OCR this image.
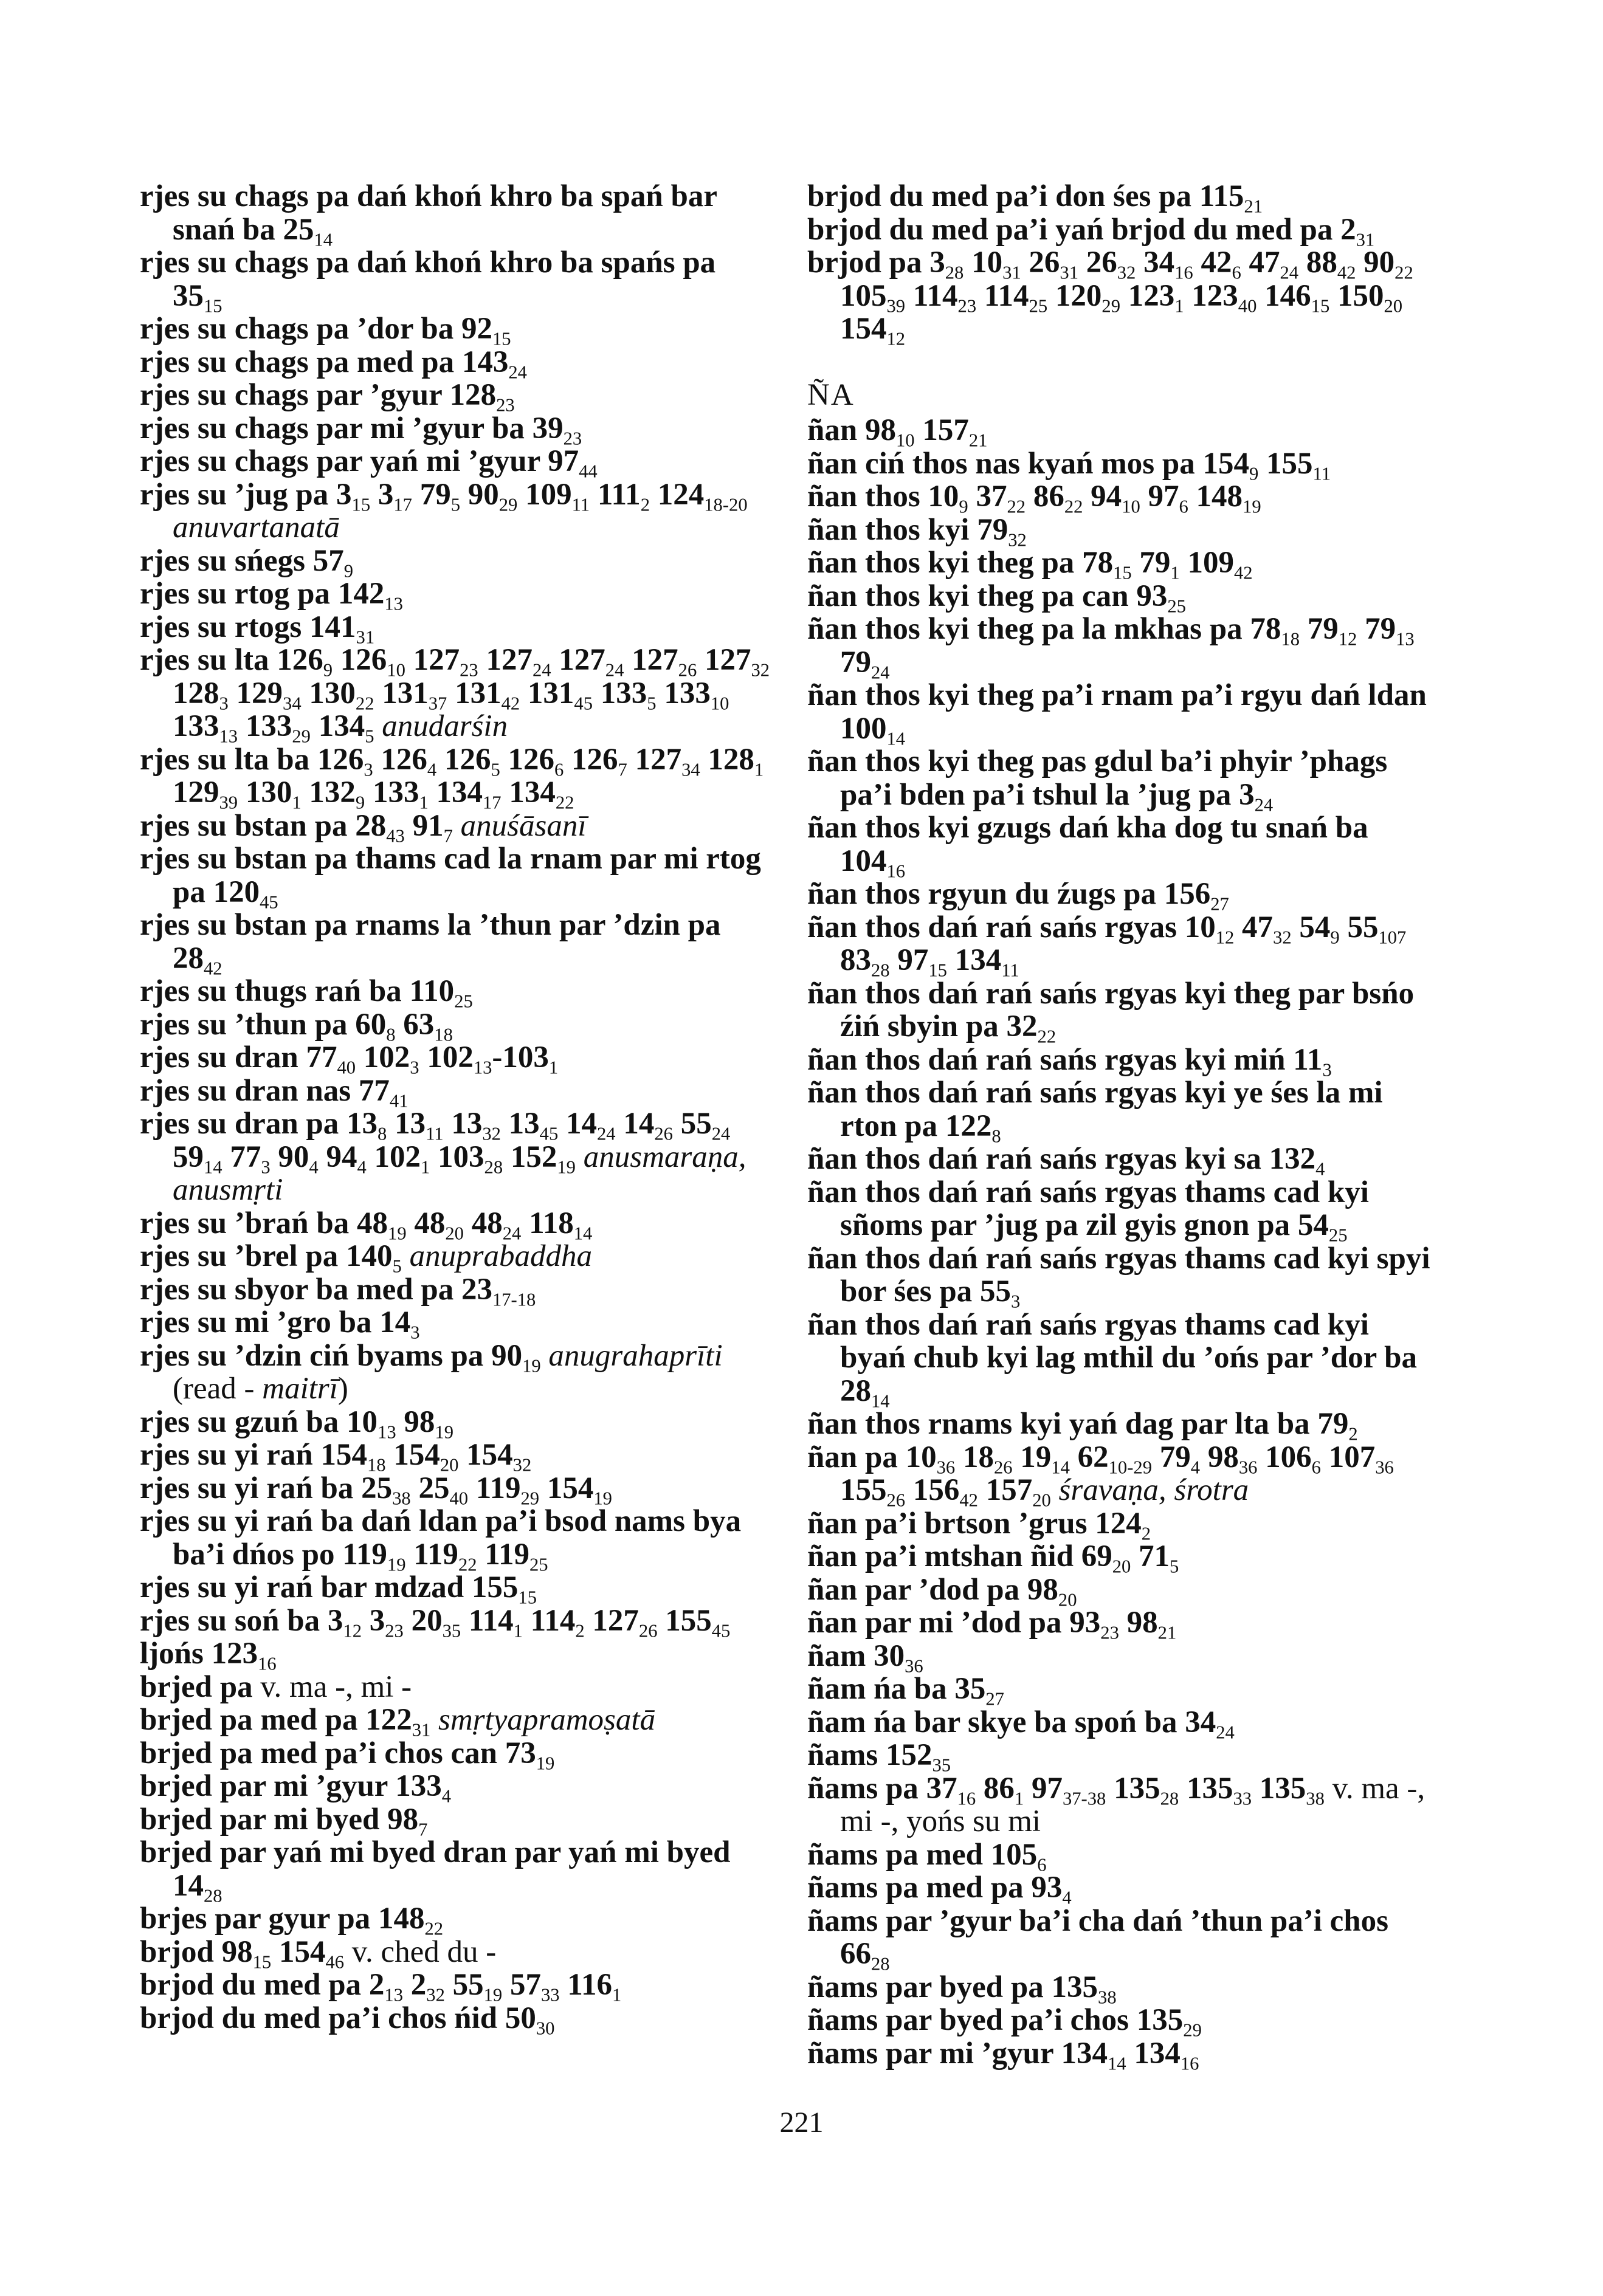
rjes su chags pa dań khoń khro ba spań bar snań ba $25_{14}$

rjes su chags pa dań khoń khro ba spańs pa $35_{15}$

rjes su chags pa ’dor ba $92_{15}$

rjes su chags pa med pa $143_{24}$

rjes su chags par ’gyur $128_{23}$

rjes su chags par mi ’gyur ba $39_{23}$

rjes su chags par yań mi ’gyur $97_{44}$

rjes su ’jug pa $3_{15}$ $3_{17}$ $79_5$ $90_{29}$ $109_{11}$ $111_2$ $124_{18-20}$ anuvartanatā

rjes su sńegs $57_9$

rjes su rtog pa $142_{13}$

rjes su rtogs $141_{31}$

rjes su lta $126_9$ $126_{10}$ $127_{23}$ $127_{24}$ $127_{24}$ $127_{26}$ $127_{32}$ $128_3$ $129_{34}$ $130_{22}$ $131_{37}$ $131_{42}$ $131_{45}$ $133_5$ $133_{10}$ $133_{13}$ $133_{29}$ $134_5$ anudarśin

rjes su lta ba $126_3$ $126_4$ $126_5$ $126_6$ $126_7$ $127_{34}$ $128_1$ $129_{39}$ $130_1$ $132_9$ $133_1$ $134_{17}$ $134_{22}$

rjes su bstan pa $28_{43}$ $91_7$ anuśāsanī

rjes su bstan pa thams cad la rnam par mi rtog pa $120_{45}$

rjes su bstan pa rnams la ’thun par ’dzin pa $28_{42}$

rjes su thugs rań ba $110_{25}$

rjes su ’thun pa $60_8$ $63_{18}$

rjes su dran $77_{40}$ $102_3$ $102_{13}-103_1$

rjes su dran nas $77_{41}$

rjes su dran pa $13_8$ $13_{11}$ $13_{32}$ $13_{45}$ $14_{24}$ $14_{26}$ $55_{24}$ $59_{14}$ $77_3$ $90_4$ $94_4$ $102_1$ $103_{28}$ $152_{19}$ anusmaraṇa, anusmṛti

rjes su ’brań ba $48_{19}$ $48_{20}$ $48_{24}$ $118_{14}$

rjes su ’brel pa $140_5$ anuprabaddha

rjes su sbyor ba med pa $23_{17-18}$

rjes su mi ’gro ba $14_3$

rjes su ’dzin ciń byams pa $90_{19}$ anugrahaprīti (read - maitrī)

rjes su gzuń ba $10_{13}$ $98_{19}$

rjes su yi rań $154_{18}$ $154_{20}$ $154_{32}$

rjes su yi rań ba $25_{38}$ $25_{40}$ $119_{29}$ $154_{19}$

rjes su yi rań ba dań ldan pa’i bsod nams bya ba’i dńos po $119_{19}$ $119_{22}$ $119_{25}$

rjes su yi rań bar mdzad $155_{15}$

rjes su soń ba $3_{12}$ $3_{23}$ $20_{35}$ $114_1$ $114_2$ $127_{26}$ $155_{45}$

ljońs $123_{16}$

brjed pa v. ma -, mi -

brjed pa med pa $122_{31}$ smṛtyapramoṣatā

brjed pa med pa’i chos can $73_{19}$

brjed par mi ’gyur $133_4$

brjed par mi byed $98_7$

brjed par yań mi byed dran par yań mi byed $14_{28}$

brjes par gyur pa $148_{22}$

brjod $98_{15}$ $154_{46}$ v. ched du -

brjod du med pa $2_{13}$ $2_{32}$ $55_{19}$ $57_{33}$ $116_1$

brjod du med pa’i chos ńid $50_{30}$

brjod du med pa’i don śes pa $115_{21}$

brjod du med pa’i yań brjod du med pa $2_{31}$

brjod pa $3_{28}$ $10_{31}$ $26_{31}$ $26_{32}$ $34_{16}$ $42_6$ $47_{24}$ $88_{42}$ $90_{22}$ $105_{39}$ $114_{23}$ $114_{25}$ $120_{29}$ $123_1$ $123_{40}$ $146_{15}$ $150_{20}$ $154_{12}$

ÑA

ñan $98_{10}$ $157_{21}$

ñan ciń thos nas kyań mos pa $154_9$ $155_{11}$

ñan thos $10_9$ $37_{22}$ $86_{22}$ $94_{10}$ $97_6$ $148_{19}$

ñan thos kyi $79_{32}$

ñan thos kyi theg pa $78_{15}$ $79_1$ $109_{42}$

ñan thos kyi theg pa can $93_{25}$

ñan thos kyi theg pa la mkhas pa $78_{18}$ $79_{12}$ $79_{13}$ $79_{24}$

ñan thos kyi theg pa’i rnam pa’i rgyu dań ldan $100_{14}$

ñan thos kyi theg pas gdul ba’i phyir ’phags pa’i bden pa’i tshul la ’jug pa $3_{24}$

ñan thos kyi gzugs dań kha dog tu snań ba $104_{16}$

ñan thos rgyun du źugs pa $156_{27}$

ñan thos dań rań sańs rgyas $10_{12}$ $47_{32}$ $54_9$ $55_{107}$ $83_{28}$ $97_{15}$ $134_{11}$

ñan thos dań rań sańs rgyas kyi theg par bsńo źiń sbyin pa $32_{22}$

ñan thos dań rań sańs rgyas kyi miń $11_3$

ñan thos dań rań sańs rgyas kyi ye śes la mi rton pa $122_8$

ñan thos dań rań sańs rgyas kyi sa $132_4$

ñan thos dań rań sańs rgyas thams cad kyi sñoms par ’jug pa zil gyis gnon pa $54_{25}$

ñan thos dań rań sańs rgyas thams cad kyi spyi bor śes pa $55_3$

ñan thos dań rań sańs rgyas thams cad kyi byań chub kyi lag mthil du ’ońs par ’dor ba $28_{14}$

ñan thos rnams kyi yań dag par lta ba $79_2$

ñan pa $10_{36}$ $18_{26}$ $19_{14}$ $62_{10-29}$ $79_4$ $98_{36}$ $106_6$ $107_{36}$ $155_{26}$ $156_{42}$ $157_{20}$ śravaṇa, śrotra

ñan pa’i brtson ’grus $124_2$

ñan pa’i mtshan ñid $69_{20}$ $71_5$

ñan par ’dod pa $98_{20}$

ñan par mi ’dod pa $93_{23}$ $98_{21}$

ñam $30_{36}$

ñam ńa ba $35_{27}$

ñam ńa bar skye ba spoń ba $34_{24}$

ñams $152_{35}$

ñams pa $37_{16}$ $86_1$ $97_{37-38}$ $135_{28}$ $135_{33}$ $135_{38}$ v. ma -, mi -, yońs su mi

ñams pa med $105_6$

ñams pa med pa $93_4$

ñams par ’gyur ba’i cha dań ’thun pa’i chos $66_{28}$

ñams par byed pa $135_{38}$

ñams par byed pa’i chos $135_{29}$

ñams par mi ’gyur $134_{14}$ $134_{16}$

221
